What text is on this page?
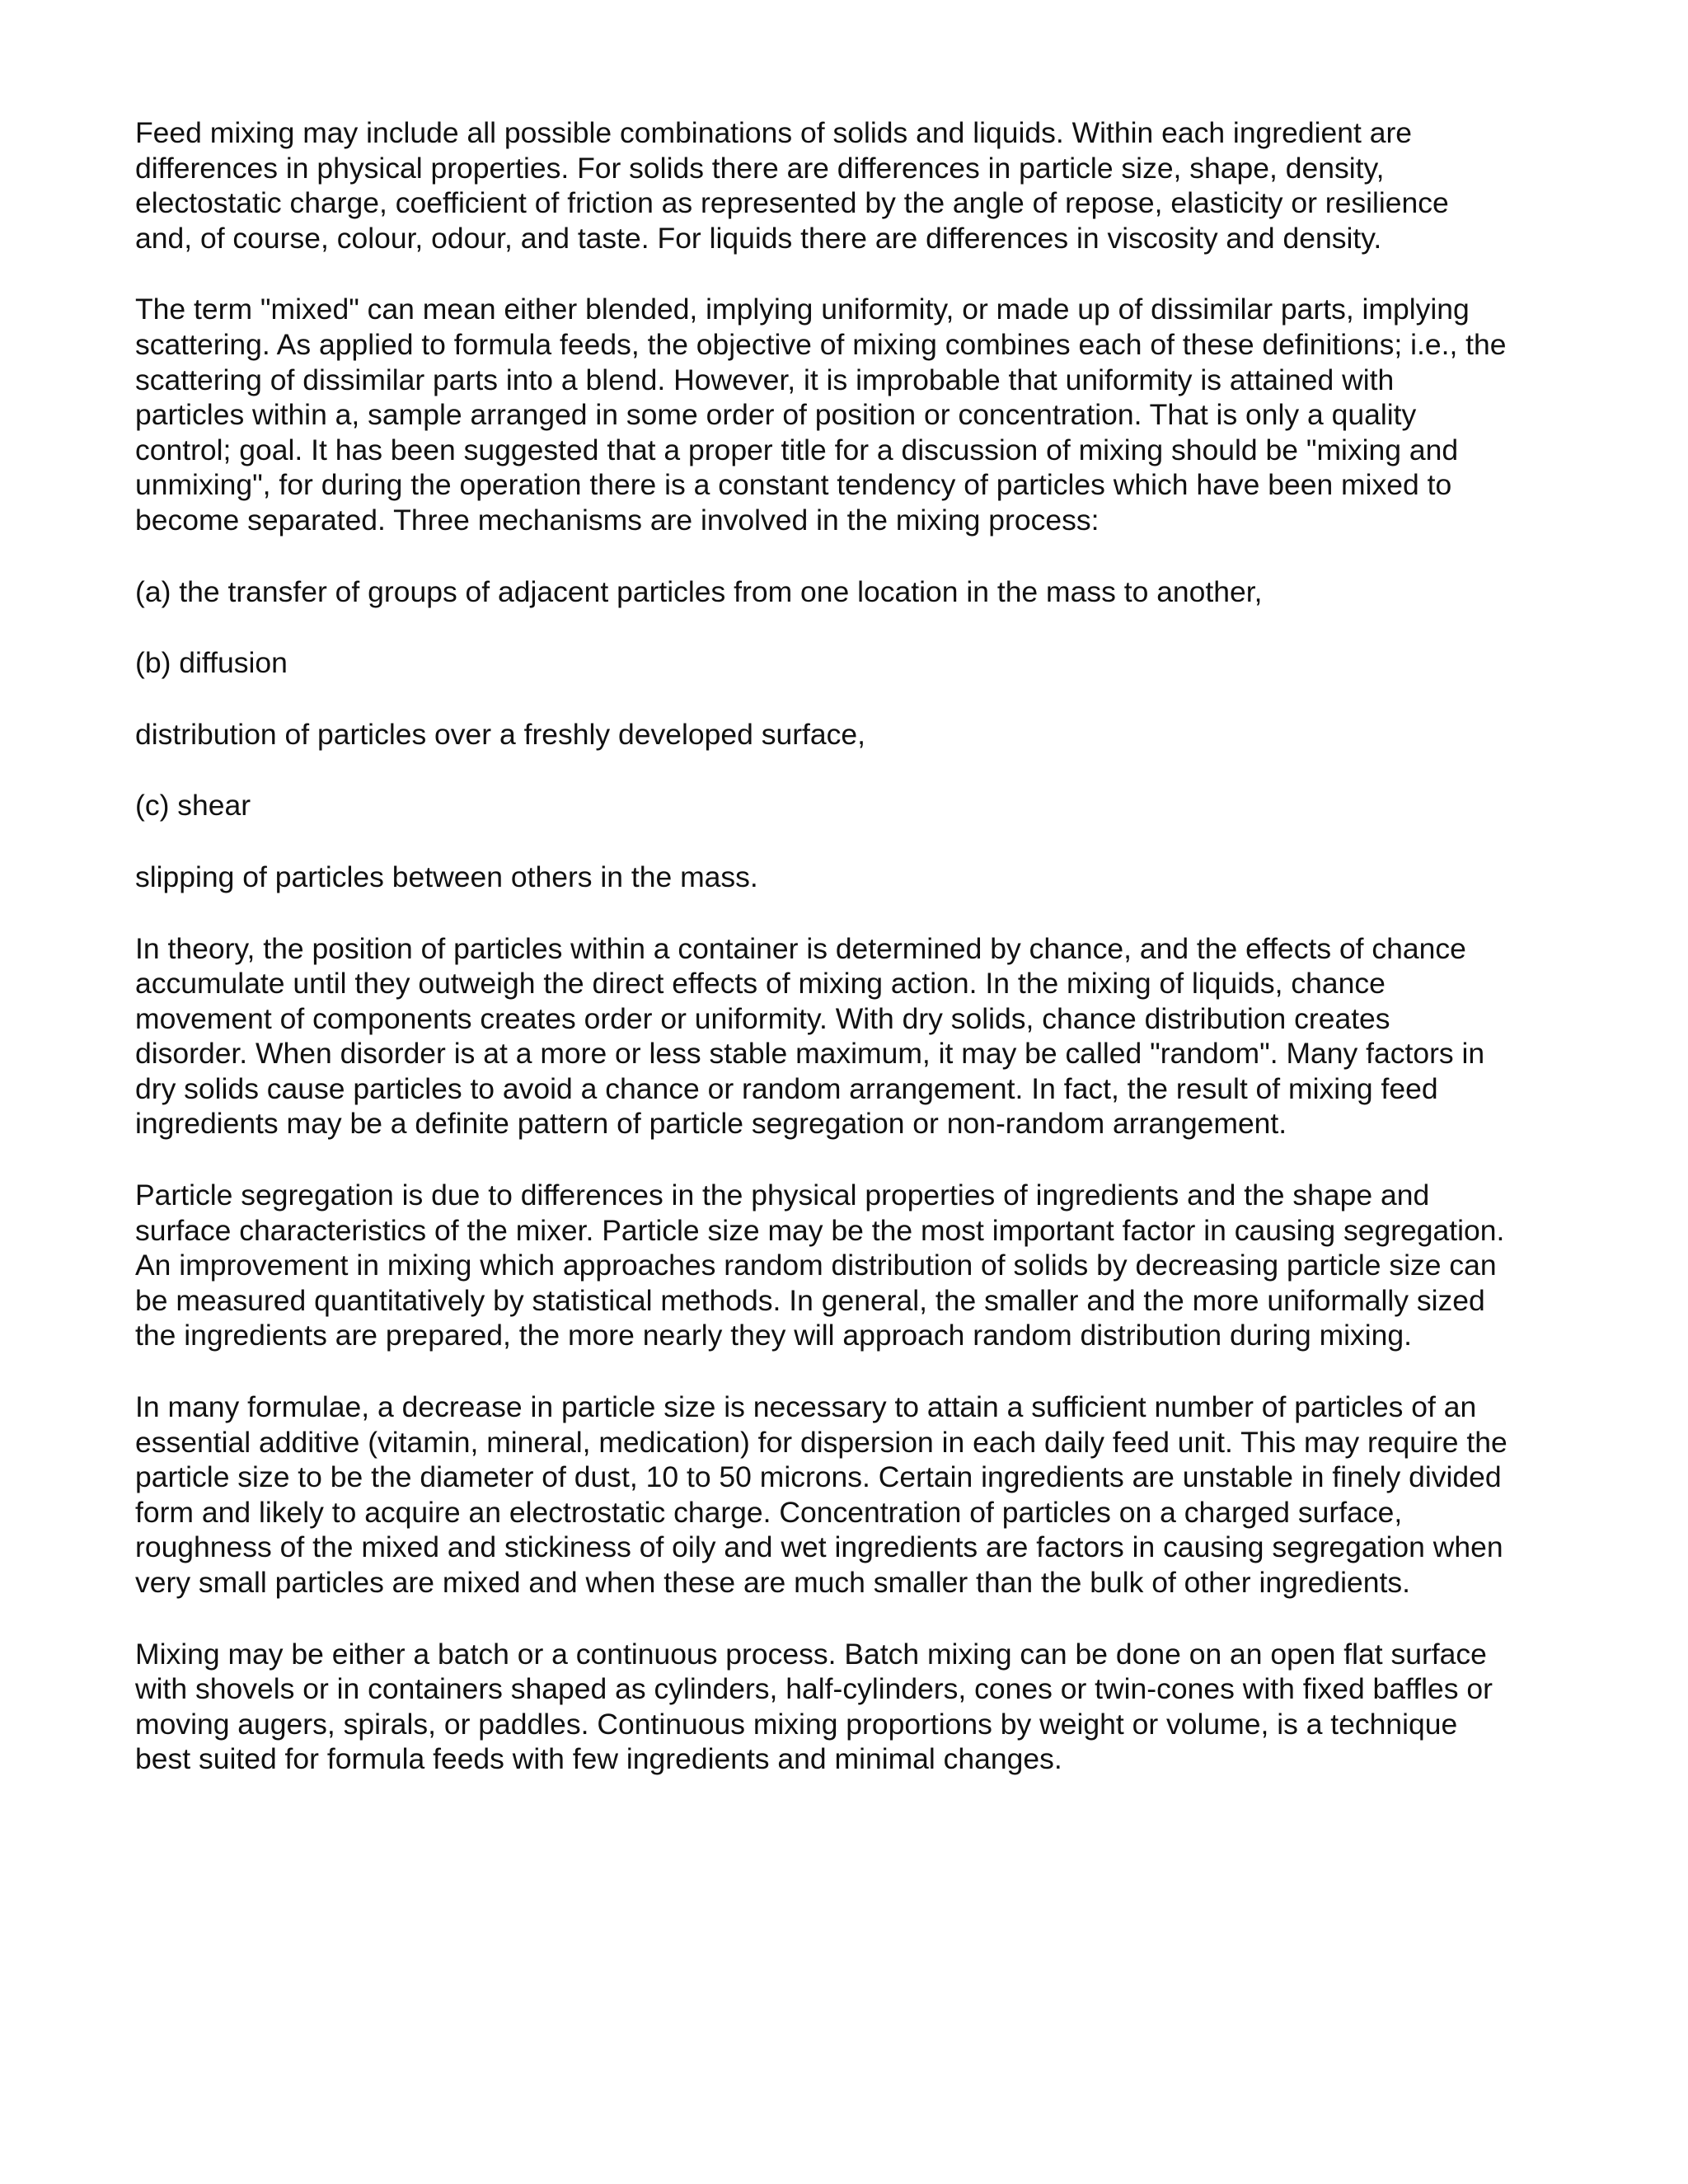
Feed mixing may include all possible combinations of solids and liquids. Within each ingredient are
differences in physical properties. For solids there are differences in particle size, shape, density,
electostatic charge, coefficient of friction as represented by the angle of repose, elasticity or resilience
and, of course, colour, odour, and taste. For liquids there are differences in viscosity and density.

The term "mixed" can mean either blended, implying uniformity, or made up of dissimilar parts, implying
scattering. As applied to formula feeds, the objective of mixing combines each of these definitions; i.e., the
scattering of dissimilar parts into a blend. However, it is improbable that uniformity is attained with
particles within a, sample arranged in some order of position or concentration. That is only a quality
control; goal. It has been suggested that a proper title for a discussion of mixing should be "mixing and
unmixing", for during the operation there is a constant tendency of particles which have been mixed to
become separated. Three mechanisms are involved in the mixing process:

(a) the transfer of groups of adjacent particles from one location in the mass to another,

(b) diffusion

distribution of particles over a freshly developed surface,

(c) shear

slipping of particles between others in the mass.

In theory, the position of particles within a container is determined by chance, and the effects of chance
accumulate until they outweigh the direct effects of mixing action. In the mixing of liquids, chance
movement of components creates order or uniformity. With dry solids, chance distribution creates
disorder. When disorder is at a more or less stable maximum, it may be called "random". Many factors in
dry solids cause particles to avoid a chance or random arrangement. In fact, the result of mixing feed
ingredients may be a definite pattern of particle segregation or non-random arrangement.

Particle segregation is due to differences in the physical properties of ingredients and the shape and
surface characteristics of the mixer. Particle size may be the most important factor in causing segregation.
An improvement in mixing which approaches random distribution of solids by decreasing particle size can
be measured quantitatively by statistical methods. In general, the smaller and the more uniformally sized
the ingredients are prepared, the more nearly they will approach random distribution during mixing.

In many formulae, a decrease in particle size is necessary to attain a sufficient number of particles of an
essential additive (vitamin, mineral, medication) for dispersion in each daily feed unit. This may require the
particle size to be the diameter of dust, 10 to 50 microns. Certain ingredients are unstable in finely divided
form and likely to acquire an electrostatic charge. Concentration of particles on a charged surface,
roughness of the mixed and stickiness of oily and wet ingredients are factors in causing segregation when
very small particles are mixed and when these are much smaller than the bulk of other ingredients.

Mixing may be either a batch or a continuous process. Batch mixing can be done on an open flat surface
with shovels or in containers shaped as cylinders, half-cylinders, cones or twin-cones with fixed baffles or
moving augers, spirals, or paddles. Continuous mixing proportions by weight or volume, is a technique
best suited for formula feeds with few ingredients and minimal changes.
